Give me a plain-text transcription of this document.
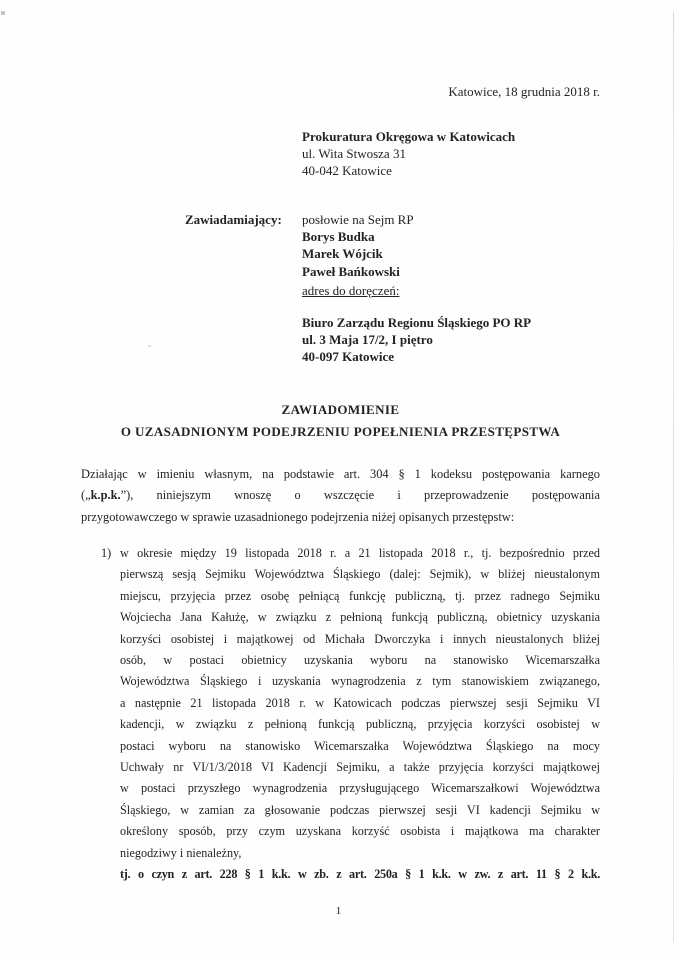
Katowice, 18 grudnia 2018 r.
Prokuratura Okręgowa w Katowicach
ul. Wita Stwosza 31
40-042 Katowice
Zawiadamiający:	posłowie na Sejm RP
Borys Budka
Marek Wójcik
Paweł Bańkowski
adres do doręczeń:
Biuro Zarządu Regionu Śląskiego PO RP
ul. 3 Maja 17/2, I piętro
40-097 Katowice
ZAWIADOMIENIE
O UZASADNIONYM PODEJRZENIU POPEŁNIENIA PRZESTĘPSTWA
Działając w imieniu własnym, na podstawie art. 304 § 1 kodeksu postępowania karnego
(„k.p.k.”), niniejszym wnoszę o wszczęcie i przeprowadzenie postępowania
przygotowawczego w sprawie uzasadnionego podejrzenia niżej opisanych przestępstw:
1) w okresie między 19 listopada 2018 r. a 21 listopada 2018 r., tj. bezpośrednio przed
pierwszą sesją Sejmiku Województwa Śląskiego (dalej: Sejmik), w bliżej nieustalonym
miejscu, przyjęcia przez osobę pełniącą funkcję publiczną, tj. przez radnego Sejmiku
Wojciecha Jana Kałużę, w związku z pełnioną funkcją publiczną, obietnicy uzyskania
korzyści osobistej i majątkowej od Michała Dworczyka i innych nieustalonych bliżej
osób, w postaci obietnicy uzyskania wyboru na stanowisko Wicemarszałka
Województwa Śląskiego i uzyskania wynagrodzenia z tym stanowiskiem związanego,
a następnie 21 listopada 2018 r. w Katowicach podczas pierwszej sesji Sejmiku VI
kadencji, w związku z pełnioną funkcją publiczną, przyjęcia korzyści osobistej w
postaci wyboru na stanowisko Wicemarszałka Województwa Śląskiego na mocy
Uchwały nr VI/1/3/2018 VI Kadencji Sejmiku, a także przyjęcia korzyści majątkowej
w postaci przyszłego wynagrodzenia przysługującego Wicemarszałkowi Województwa
Śląskiego, w zamian za głosowanie podczas pierwszej sesji VI kadencji Sejmiku w
określony sposób, przy czym uzyskana korzyść osobista i majątkowa ma charakter
niegodziwy i nienależny,
tj. o czyn z art. 228 § 1 k.k. w zb. z art. 250a § 1 k.k. w zw. z art. 11 § 2 k.k.
1
